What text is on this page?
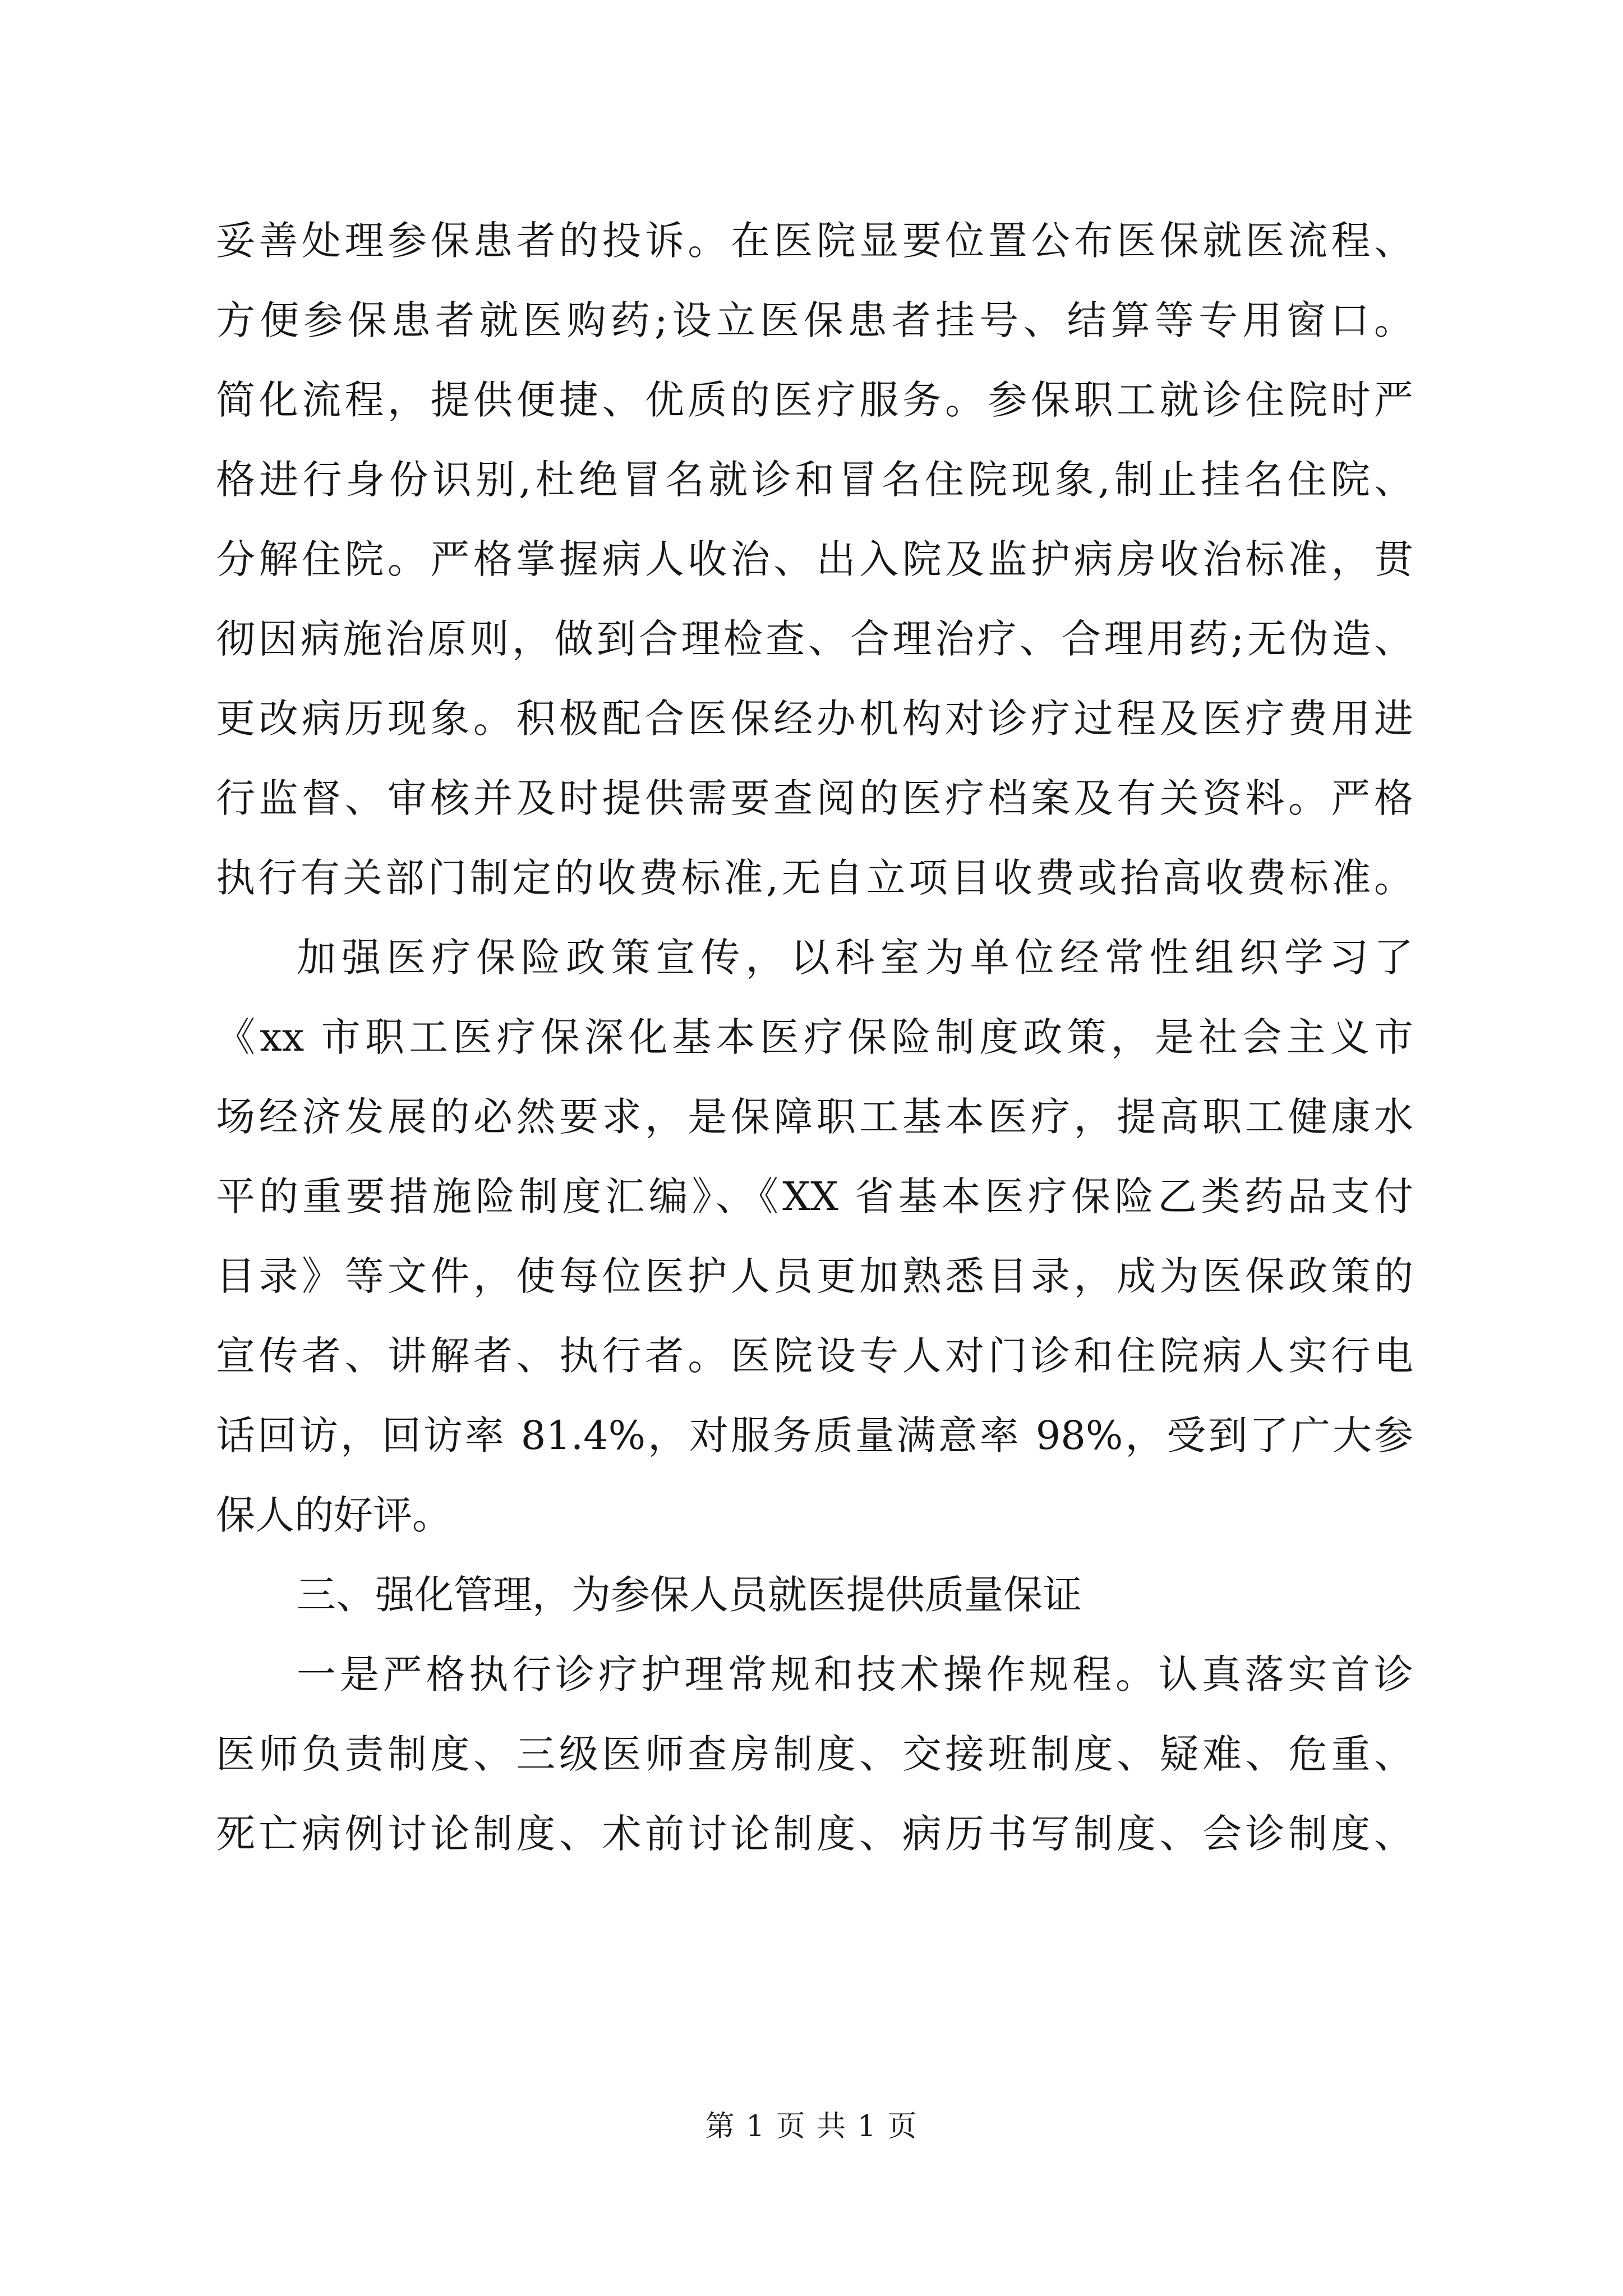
妥善处理参保患者的投诉。在医院显要位置公布医保就医流程、
方便参保患者就医购药;设立医保患者挂号、结算等专用窗口。
简化流程，提供便捷、优质的医疗服务。参保职工就诊住院时严
格进行身份识别,杜绝冒名就诊和冒名住院现象,制止挂名住院、
分解住院。严格掌握病人收治、出入院及监护病房收治标准，贯
彻因病施治原则，做到合理检查、合理治疗、合理用药;无伪造、
更改病历现象。积极配合医保经办机构对诊疗过程及医疗费用进
行监督、审核并及时提供需要查阅的医疗档案及有关资料。严格
执行有关部门制定的收费标准,无自立项目收费或抬高收费标准。
加强医疗保险政策宣传，以科室为单位经常性组织学习了
《xx 市职工医疗保深化基本医疗保险制度政策，是社会主义市
场经济发展的必然要求，是保障职工基本医疗，提高职工健康水
平的重要措施险制度汇编》、《XX 省基本医疗保险乙类药品支付
目录》等文件，使每位医护人员更加熟悉目录，成为医保政策的
宣传者、讲解者、执行者。医院设专人对门诊和住院病人实行电
话回访，回访率 81.4%，对服务质量满意率 98%，受到了广大参
保人的好评。
三、强化管理，为参保人员就医提供质量保证
一是严格执行诊疗护理常规和技术操作规程。认真落实首诊
医师负责制度、三级医师查房制度、交接班制度、疑难、危重、
死亡病例讨论制度、术前讨论制度、病历书写制度、会诊制度、
第 1 页 共 1 页
